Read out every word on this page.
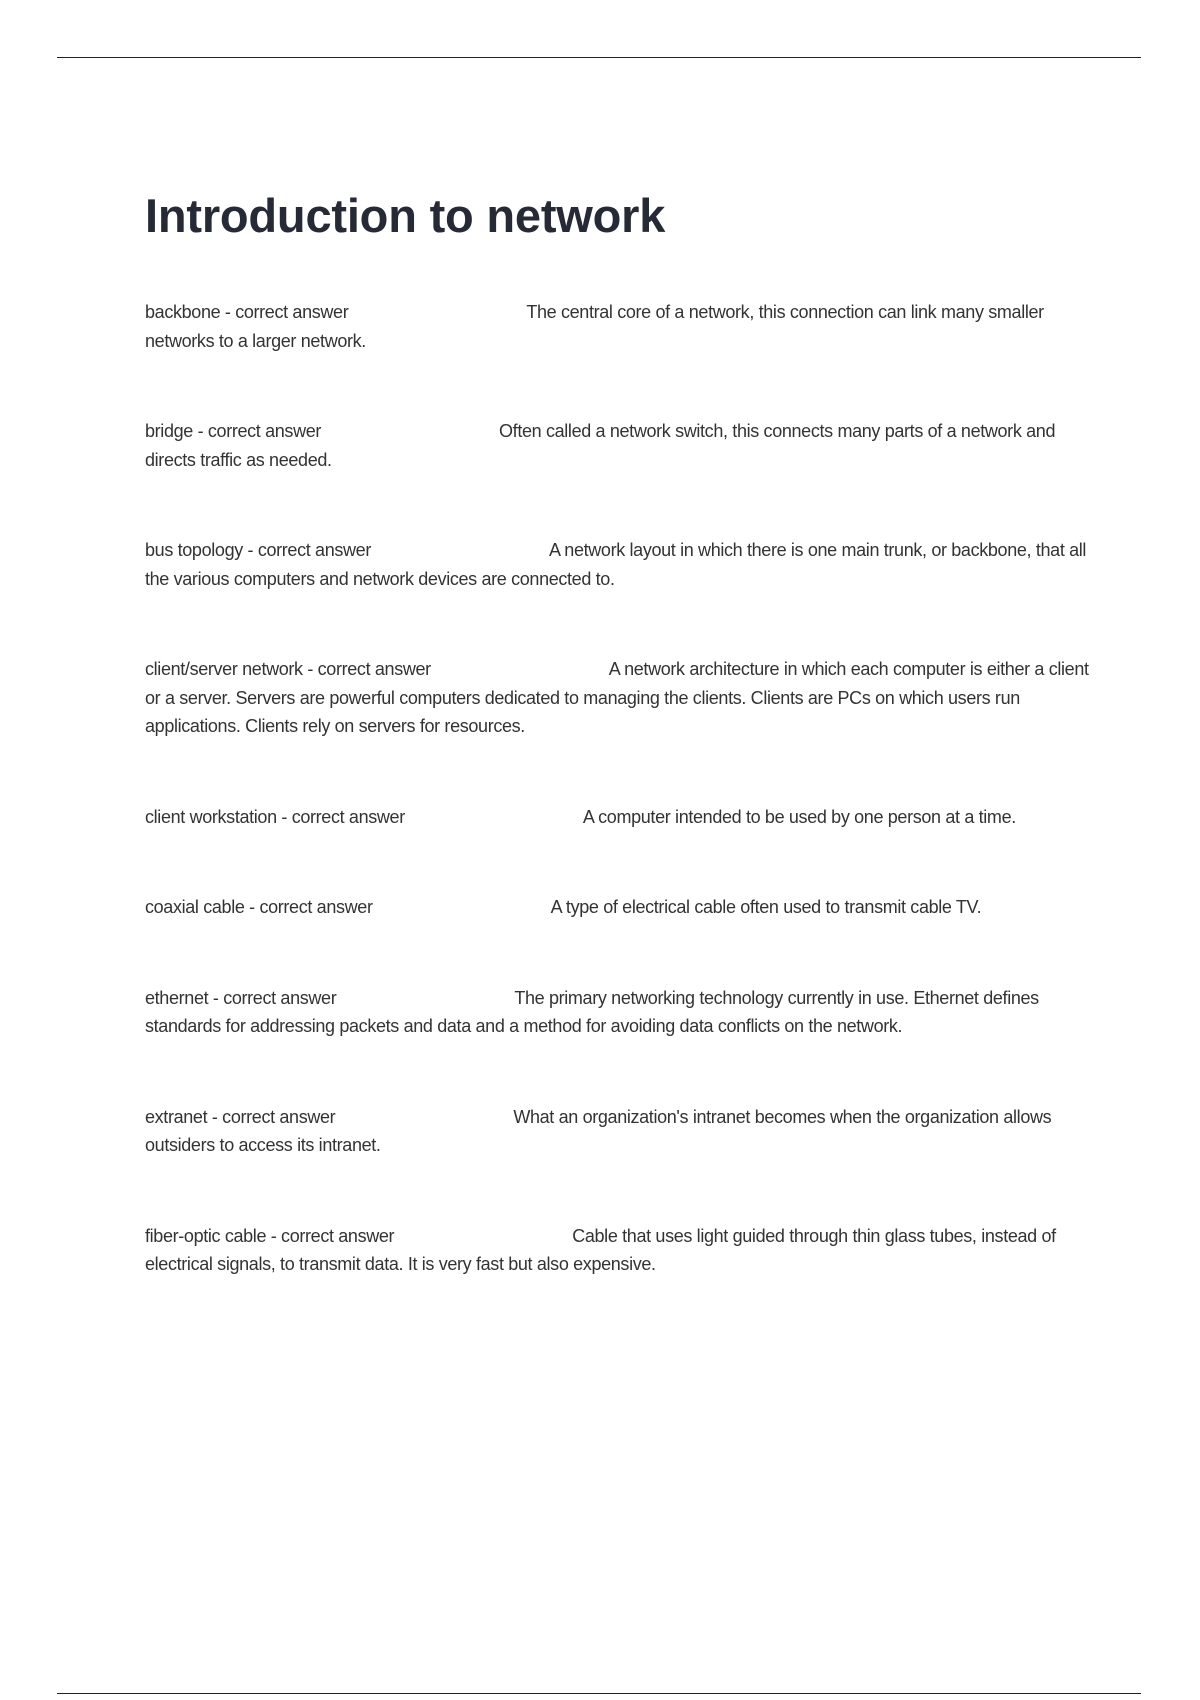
Introduction to network
backbone - correct answer	The central core of a network, this connection can link many smaller networks to a larger network.
bridge - correct answer	Often called a network switch, this connects many parts of a network and directs traffic as needed.
bus topology - correct answer	A network layout in which there is one main trunk, or backbone, that all the various computers and network devices are connected to.
client/server network - correct answer	A network architecture in which each computer is either a client or a server. Servers are powerful computers dedicated to managing the clients. Clients are PCs on which users run applications. Clients rely on servers for resources.
client workstation - correct answer	A computer intended to be used by one person at a time.
coaxial cable - correct answer	A type of electrical cable often used to transmit cable TV.
ethernet - correct answer	The primary networking technology currently in use. Ethernet defines standards for addressing packets and data and a method for avoiding data conflicts on the network.
extranet - correct answer	What an organization's intranet becomes when the organization allows outsiders to access its intranet.
fiber-optic cable - correct answer	Cable that uses light guided through thin glass tubes, instead of electrical signals, to transmit data. It is very fast but also expensive.
